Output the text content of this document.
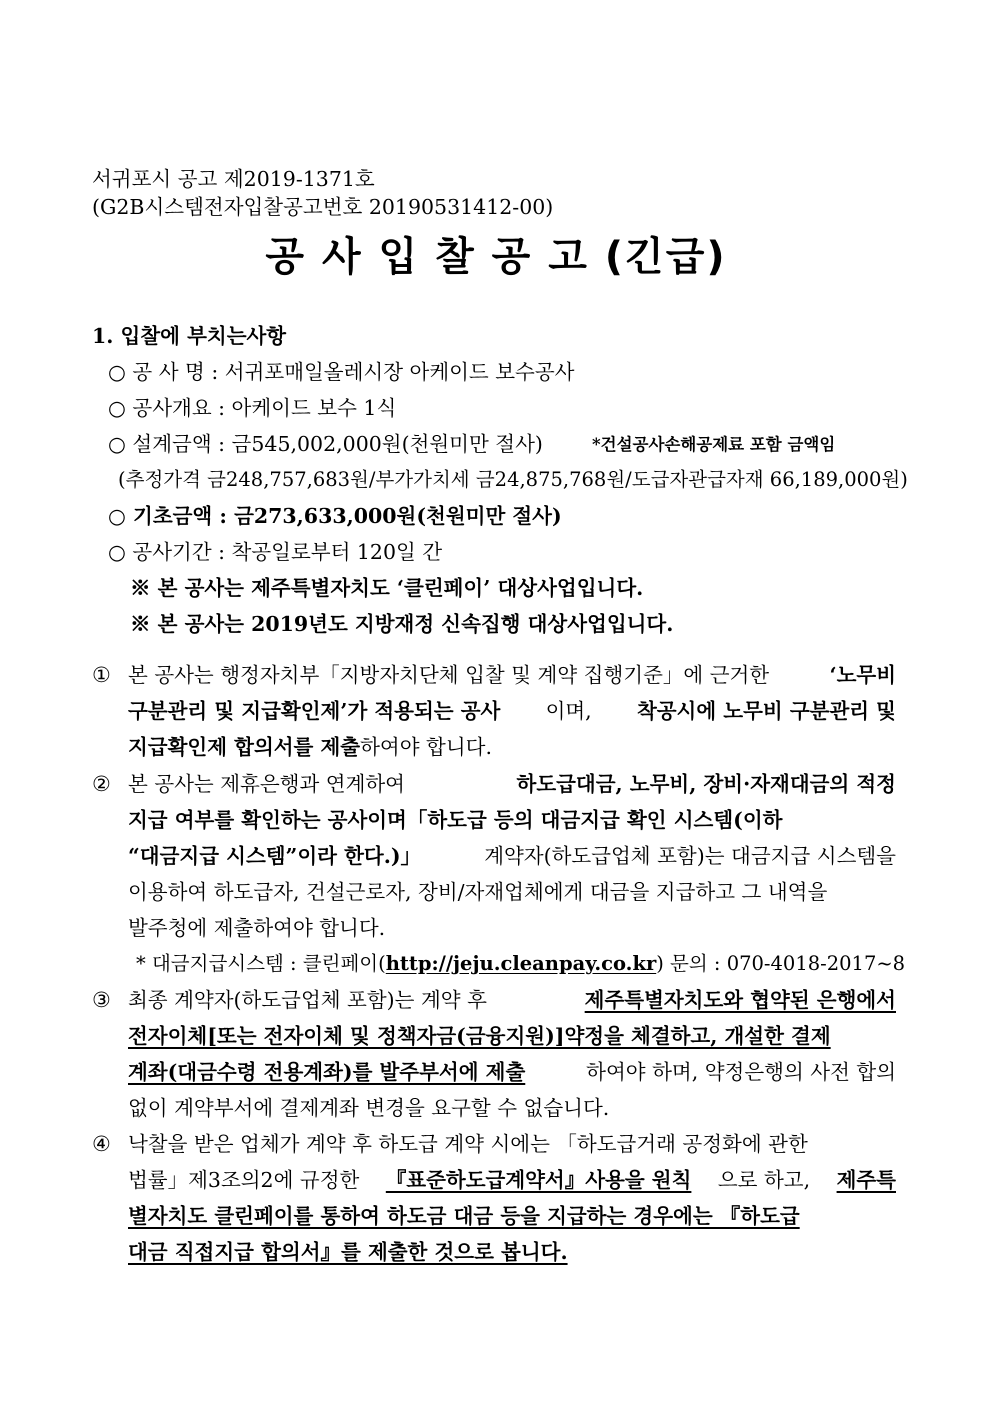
서귀포시 공고 제2019-1371호
(G2B시스템전자입찰공고번호 20190531412-00)
공 사 입 찰 공 고 (긴급)
1. 입찰에 부치는사항
○ 공 사 명 : 서귀포매일올레시장 아케이드 보수공사
○ 공사개요 : 아케이드 보수 1식
○ 설계금액 : 금545,002,000원(천원미만 절사)	*건설공사손해공제료 포함 금액임
(추정가격 금248,757,683원/부가가치세 금24,875,768원/도급자관급자재 66,189,000원)
○ 기초금액 : 금273,633,000원(천원미만 절사)
○ 공사기간 : 착공일로부터 120일 간
※ 본 공사는 제주특별자치도 ‘클린페이’ 대상사업입니다.
※ 본 공사는 2019년도 지방재정 신속집행 대상사업입니다.
① 본 공사는 행정자치부「지방자치단체 입찰 및 계약 집행기준」에 근거한	‘노무비
구분관리 및 지급확인제’가 적용되는 공사 이며, 착공시에 노무비 구분관리 및
지급확인제 합의서를 제출하여야 합니다.
② 본 공사는 제휴은행과 연계하여	하도급대금, 노무비, 장비·자재대금의 적정
지급 여부를 확인하는 공사이며「하도급 등의 대금지급 확인 시스템(이하
“대금지급 시스템”이라 한다.)」	계약자(하도급업체 포함)는 대금지급 시스템을
이용하여 하도급자, 건설근로자, 장비/자재업체에게 대금을 지급하고 그 내역을
발주청에 제출하여야 합니다.
* 대금지급시스템 : 클린페이(http://jeju.cleanpay.co.kr) 문의 : 070-4018-2017~8
③ 최종 계약자(하도급업체 포함)는 계약 후	제주특별자치도와 협약된 은행에서
전자이체[또는 전자이체 및 정책자금(금융지원)]약정을 체결하고, 개설한 결제
계좌(대금수령 전용계좌)를 발주부서에 제출	하여야 하며, 약정은행의 사전 합의
없이 계약부서에 결제계좌 변경을 요구할 수 없습니다.
④ 낙찰을 받은 업체가 계약 후 하도급 계약 시에는 「하도급거래 공정화에 관한
법률」제3조의2에 규정한 『표준하도급계약서』사용을 원칙 으로 하고, 제주특
별자치도 클린페이를 통하여 하도금 대금 등을 지급하는 경우에는 『하도급
대금 직접지급 합의서』를 제출한 것으로 봅니다.
